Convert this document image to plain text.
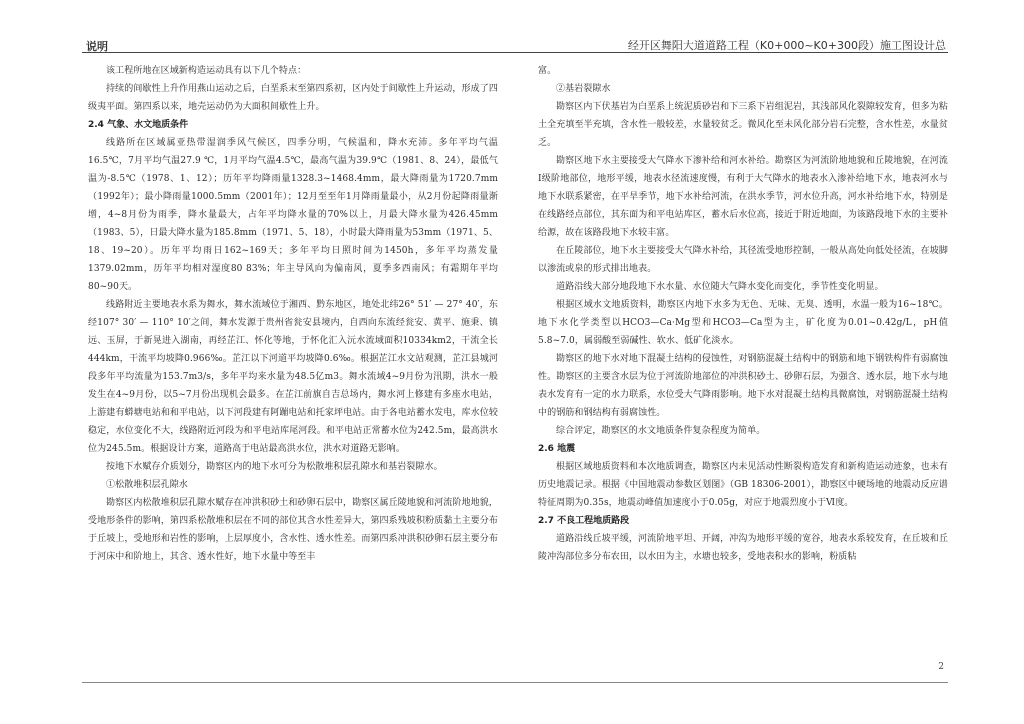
说明	经开区舞阳大道道路工程（K0+000~K0+300段）施工图设计总

该工程所地在区域新构造运动具有以下几个特点：

持续的间歇性上升作用燕山运动之后，白垩系末至第四系初，区内处于间歇性上升运动，形成了四级夷平面。第四系以来，地壳运动仍为大面积间歇性上升。

2.4 气象、水文地质条件

线路所在区域属亚热带湿润季风气候区，四季分明，气候温和，降水充沛。多年平均气温16.5℃，7月平均气温27.9 ℃，1月平均气温4.5℃，最高气温为39.9℃（1981、8、24），最低气温为-8.5℃（1978、1、12）；历年平均降雨量1328.3~1468.4mm，最大降雨量为1720.7mm（1992年）；最小降雨量1000.5mm（2001年）；12月至至年1月降雨量最小，从2月份起降雨量渐增，4~8月份为雨季，降水量最大，占年平均降水量的70%以上，月最大降水量为426.45mm（1983、5），日最大降水量为185.8mm（1971、5、18），小时最大降雨量为53mm（1971、5、18、19~20）。历年平均雨日162~169天；多年平均日照时间为1450h，多年平均蒸发量1379.02mm，历年平均相对湿度80 83%；年主导风向为偏南风，夏季多西南风；有霜期年平均80~90天。

线路附近主要地表水系为舞水，舞水流域位于湘西、黔东地区，地处北纬26° 51′ — 27° 40′，东经107° 30′ — 110° 10′之间，舞水发源于贵州省瓮安县境内，自西向东流经瓮安、黄平、施秉、镇远、玉屏，于新晃进入湖南，再经芷江、怀化等地，于怀化汇入沅水流域面积10334km2，干流全长444km，干流平均坡降0.966‰。芷江以下河道平均坡降0.6‰。根据芷江水文站观测，芷江县城河段多年平均流量为153.7m3/s，多年平均来水量为48.5亿m3。舞水流域4~9月份为汛期，洪水一般发生在4~9月份，以5~7月份出现机会最多。在芷江前旗自吉总场内，舞水河上修建有多座水电站，上游建有蟒塘电站和和平电站，以下河段建有阿蹦电站和托家坪电站。由于各电站蓄水发电，库水位较稳定，水位变化不大，线路附近河段为和平电站库尾河段。和平电站正常蓄水位为242.5m，最高洪水位为245.5m。根据设计方案，道路高于电站最高洪水位，洪水对道路无影响。

按地下水赋存介质划分，勘察区内的地下水可分为松散堆积层孔隙水和基岩裂隙水。

①松散堆积层孔隙水

勘察区内松散堆积层孔隙水赋存在冲洪积砂土和砂卵石层中，勘察区属丘陵地貌和河流阶地地貌，受地形条件的影响，第四系松散堆积层在不同的部位其含水性差异大，第四系残坡积粉质黏土主要分布于丘坡上，受地形和岩性的影响，上层厚度小，含水性、透水性差。而第四系冲洪积砂卵石层主要分布于河床中和阶地上，其含、透水性好，地下水量中等至丰

富。

②基岩裂隙水

勘察区内下伏基岩为白垩系上统泥质砂岩和下三系下岩组泥岩，其浅部风化裂隙较发育，但多为粘土全充填至半充填，含水性一般较差，水量较贫乏。微风化至未风化部分岩石完整，含水性差，水量贫乏。

勘察区地下水主要接受大气降水下渗补给和河水补给。勘察区为河流阶地地貌和丘陵地貌，在河流Ⅰ级阶地部位，地形平缓，地表水径流速度慢，有利于大气降水的地表水入渗补给地下水，地表河水与地下水联系紧密，在平旱季节，地下水补给河流，在洪水季节，河水位升高，河水补给地下水，特别是在线路经点部位，其东面为和平电站库区，蓄水后水位高，接近于附近地面，为该路段地下水的主要补给源，故在该路段地下水较丰富。

在丘陵部位，地下水主要接受大气降水补给，其径流受地形控制，一般从高处向低处径流，在坡脚以渗流或泉的形式排出地表。

道路沿线大部分地段地下水水量、水位随大气降水变化而变化，季节性变化明显。

根据区域水文地质资料，勘察区内地下水多为无色、无味、无臭、透明，水温一般为16~18℃。地下水化学类型以HCO3—Ca·Mg型和HCO3—Ca型为主，矿化度为0.01~0.42g/L，pH值5.8~7.0，属弱酸至弱碱性、软水、低矿化淡水。

勘察区的地下水对地下混凝土结构的侵蚀性，对钢筋混凝土结构中的钢筋和地下钢铁构件有弱腐蚀性。勘察区的主要含水层为位于河流阶地部位的冲洪积砂土、砂卵石层，为强含、透水层，地下水与地表水发育有一定的水力联系，水位受大气降雨影响。地下水对混凝土结构具微腐蚀，对钢筋混凝土结构中的钢筋和钢结构有弱腐蚀性。

综合评定，勘察区的水文地质条件复杂程度为简单。

2.6 地震

根据区域地质资料和本次地质调查，勘察区内未见活动性断裂构造发育和新构造运动迹象，也未有历史地震记录。根据《中国地震动参数区划图》（GB 18306-2001），勘察区中硬场地的地震动反应谱特征周期为0.35s，地震动峰值加速度小于0.05g，对应于地震烈度小于Ⅵ度。

2.7 不良工程地质路段

道路沿线丘坡平缓，河流阶地平坦、开阔，冲沟为地形平缓的宽谷，地表水系较发育，在丘坡和丘陵冲沟部位多分布农田，以水田为主，水塘也较多，受地表积水的影响，粉质粘

2
